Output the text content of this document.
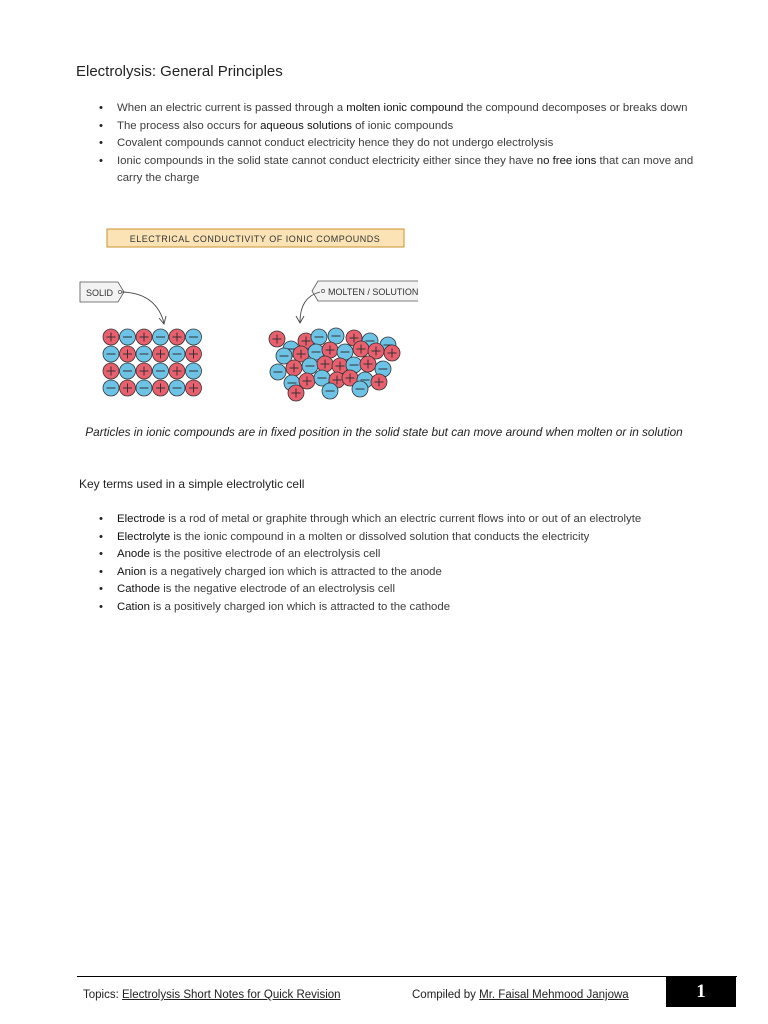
Electrolysis: General Principles
• When an electric current is passed through a molten ionic compound the compound decomposes or breaks down
• The process also occurs for aqueous solutions of ionic compounds
• Covalent compounds cannot conduct electricity hence they do not undergo electrolysis
• Ionic compounds in the solid state cannot conduct electricity either since they have no free ions that can move and carry the charge
ELECTRICAL CONDUCTIVITY OF IONIC COMPOUNDS
SOLID	MOLTEN / SOLUTION
Particles in ionic compounds are in fixed position in the solid state but can move around when molten or in solution
Key terms used in a simple electrolytic cell
• Electrode is a rod of metal or graphite through which an electric current flows into or out of an electrolyte
• Electrolyte is the ionic compound in a molten or dissolved solution that conducts the electricity
• Anode is the positive electrode of an electrolysis cell
• Anion is a negatively charged ion which is attracted to the anode
• Cathode is the negative electrode of an electrolysis cell
• Cation is a positively charged ion which is attracted to the cathode
Topics: Electrolysis Short Notes for Quick Revision	Compiled by Mr. Faisal Mehmood Janjowa	1
